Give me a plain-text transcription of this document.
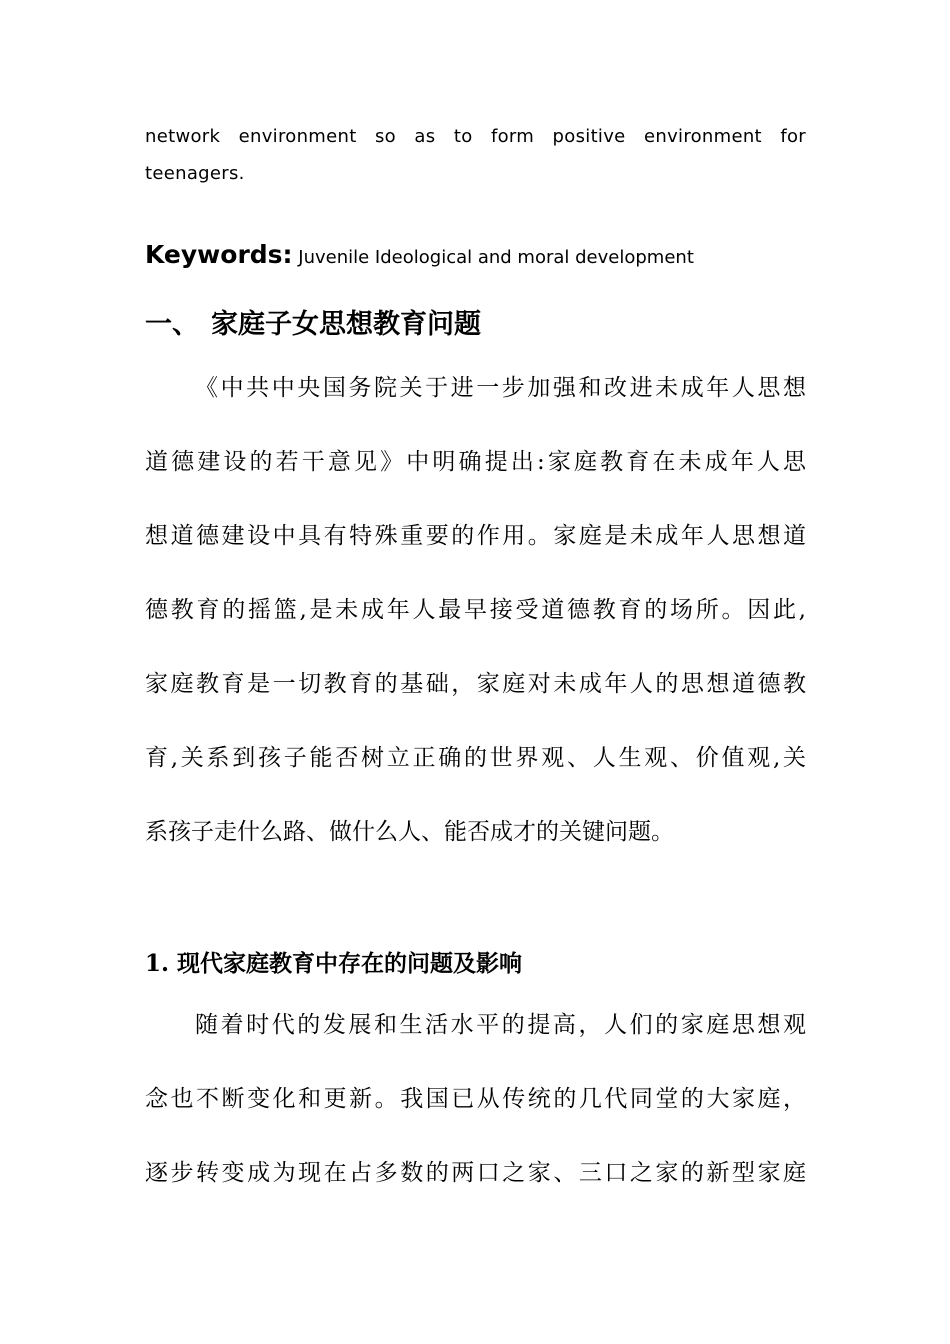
network environment so as to form positive environment for
teenagers.
Keywords: Juvenile Ideological and moral development
一、 家庭子女思想教育问题
《中共中央国务院关于进一步加强和改进未成年人思想
道德建设的若干意见》中明确提出:家庭教育在未成年人思
想道德建设中具有特殊重要的作用。家庭是未成年人思想道
德教育的摇篮,是未成年人最早接受道德教育的场所。因此,
家庭教育是一切教育的基础，家庭对未成年人的思想道德教
育,关系到孩子能否树立正确的世界观、人生观、价值观,关
系孩子走什么路、做什么人、能否成才的关键问题。
1. 现代家庭教育中存在的问题及影响
随着时代的发展和生活水平的提高，人们的家庭思想观
念也不断变化和更新。我国已从传统的几代同堂的大家庭，
逐步转变成为现在占多数的两口之家、三口之家的新型家庭
